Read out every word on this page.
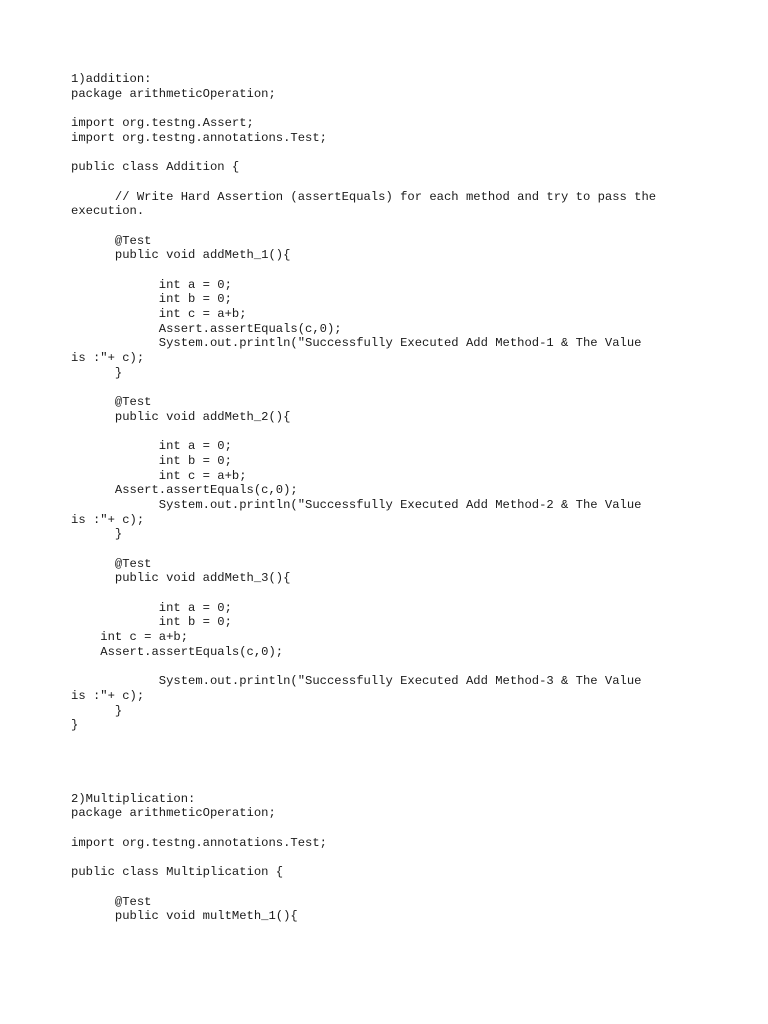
1)addition:
package arithmeticOperation;
import org.testng.Assert;
import org.testng.annotations.Test;
public class Addition {
// Write Hard Assertion (assertEquals) for each method and try to pass the
execution.
@Test
public void addMeth_1(){
int a = 0;
int b = 0;
int c = a+b;
Assert.assertEquals(c,0);
System.out.println("Successfully Executed Add Method-1 & The Value
is :"+ c);
}
@Test
public void addMeth_2(){
int a = 0;
int b = 0;
int c = a+b;
Assert.assertEquals(c,0);
System.out.println("Successfully Executed Add Method-2 & The Value
is :"+ c);
}
@Test
public void addMeth_3(){
int a = 0;
int b = 0;
int c = a+b;
Assert.assertEquals(c,0);
System.out.println("Successfully Executed Add Method-3 & The Value
is :"+ c);
}
}
2)Multiplication:
package arithmeticOperation;
import org.testng.annotations.Test;
public class Multiplication {
@Test
public void multMeth_1(){
